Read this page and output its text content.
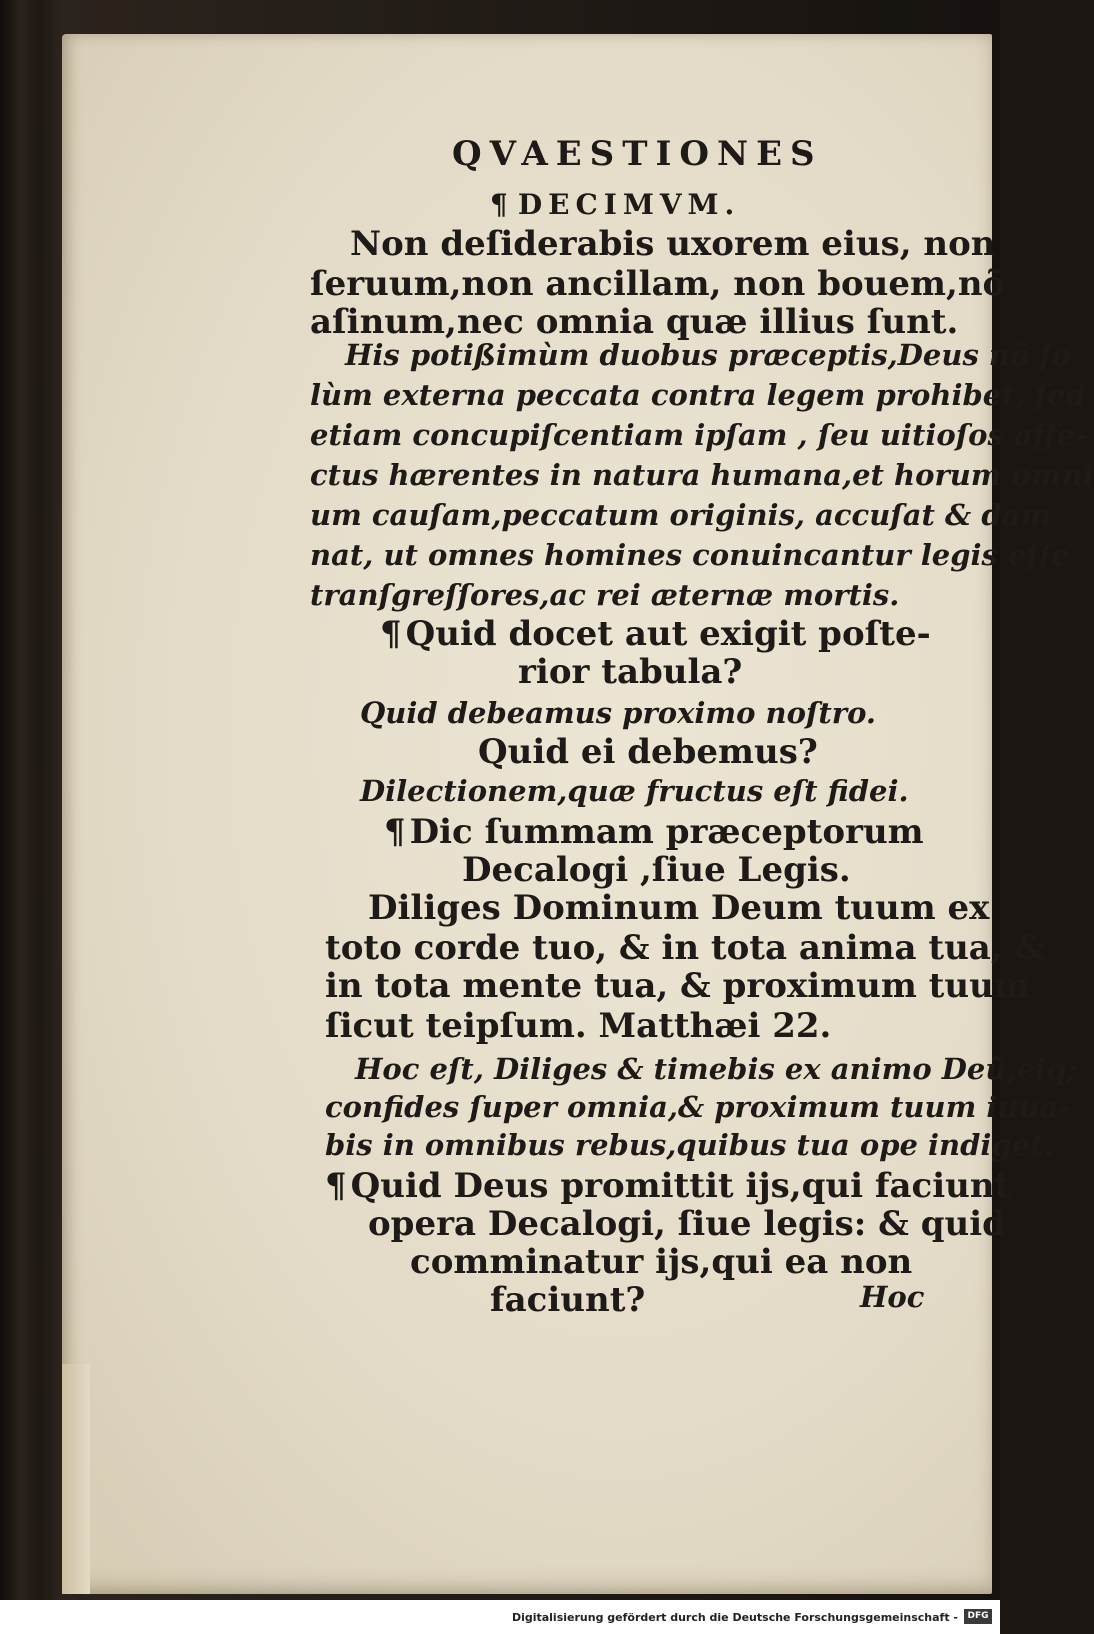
QVAESTIONES
¶ DECIMVM.
Non deſiderabis uxorem eius, non
ſeruum,non ancillam, non bouem,nõ
aſinum,nec omnia quæ illius ſunt.
His potißimùm duobus præceptis,Deus nõ ſo
lùm externa peccata contra legem prohibet, ſed
etiam concupiſcentiam ipſam , ſeu uitioſos affe-
ctus hærentes in natura humana,et horum omni
um cauſam,peccatum originis, accuſat & dam
nat, ut omnes homines conuincantur legis eſſe
tranſgreſſores,ac rei æternæ mortis.
¶ Quid docet aut exigit poſte-
rior tabula?
Quid debeamus proximo noſtro.
Quid ei debemus?
Dilectionem,quæ fructus eſt fidei.
¶ Dic ſummam præceptorum
Decalogi ,ſiue Legis.
Diliges Dominum Deum tuum ex
toto corde tuo, & in tota anima tua, &
in tota mente tua, & proximum tuum
ſicut teipſum. Matthæi 22.
Hoc eſt, Diliges & timebis ex animo Deũ,eiq;
confides ſuper omnia,& proximum tuum iuua-
bis in omnibus rebus,quibus tua ope indiget.
¶ Quid Deus promittit ijs,qui faciunt
opera Decalogi, ſiue legis: & quid
comminatur ijs,qui ea non
faciunt?	Hoc
Digitalisierung gefördert durch die Deutsche Forschungsgemeinschaft -	DFG
